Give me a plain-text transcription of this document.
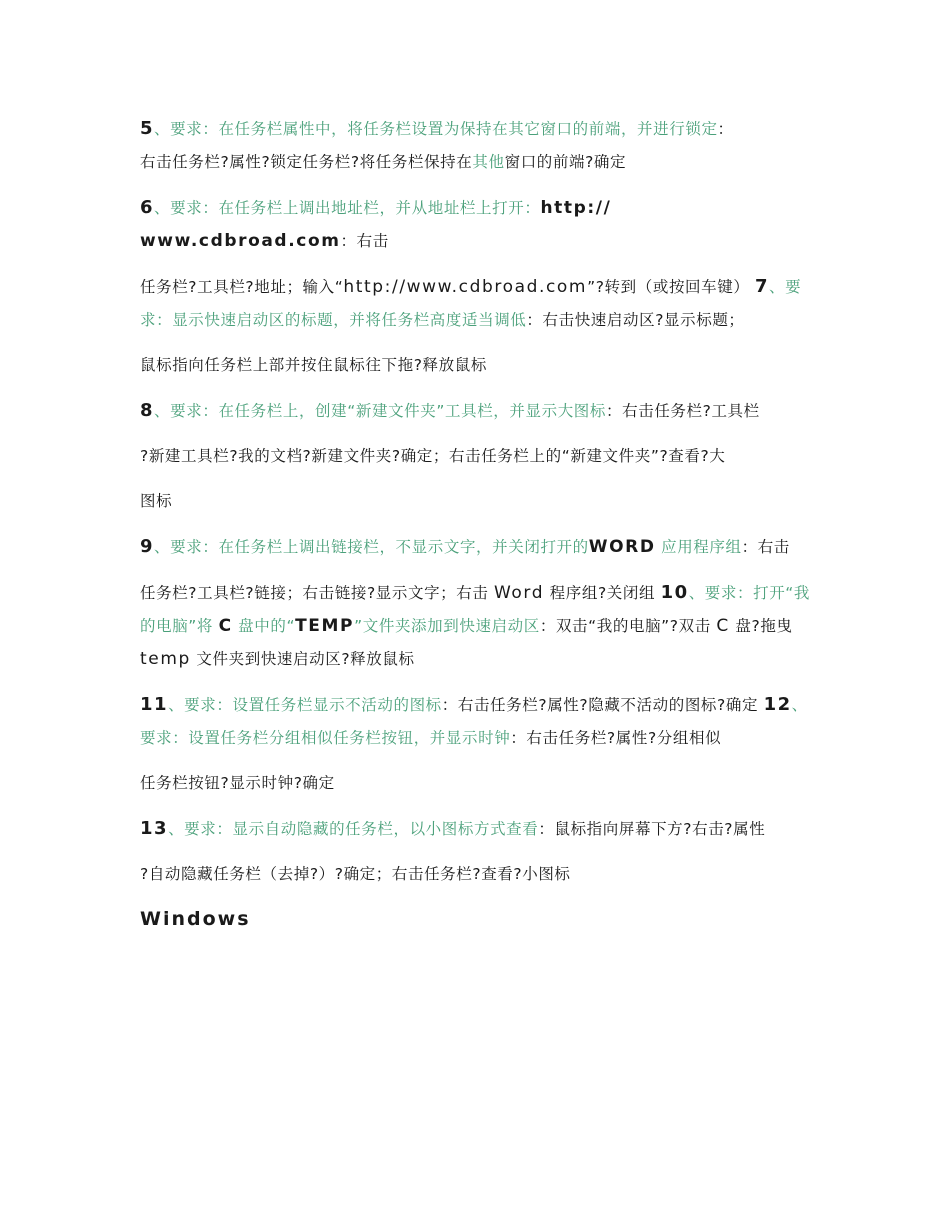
5、要求：在任务栏属性中，将任务栏设置为保持在其它窗口的前端，并进行锁定：

右击任务栏?属性?锁定任务栏?将任务栏保持在其他窗口的前端?确定

6、要求：在任务栏上调出地址栏，并从地址栏上打开：http://
www.cdbroad.com：右击

任务栏?工具栏?地址；输入“http://www.cdbroad.com”?转到（或按回车键） 7、要求：显示快速启动区的标题，并将任务栏高度适当调低：右击快速启动区?显示标题；

鼠标指向任务栏上部并按住鼠标往下拖?释放鼠标

8、要求：在任务栏上，创建“新建文件夹”工具栏，并显示大图标：右击任务栏?工具栏

?新建工具栏?我的文档?新建文件夹?确定；右击任务栏上的“新建文件夹”?查看?大

图标

9、要求：在任务栏上调出链接栏，不显示文字，并关闭打开的WORD 应用程序组：右击

任务栏?工具栏?链接；右击链接?显示文字；右击 Word 程序组?关闭组 10、要求：打开“我的电脑”将 C 盘中的“TEMP”文件夹添加到快速启动区：双击“我的电脑”?双击 C 盘?拖曳 temp 文件夹到快速启动区?释放鼠标

11、要求：设置任务栏显示不活动的图标：右击任务栏?属性?隐藏不活动的图标?确定 12、要求：设置任务栏分组相似任务栏按钮，并显示时钟：右击任务栏?属性?分组相似

任务栏按钮?显示时钟?确定

13、要求：显示自动隐藏的任务栏，以小图标方式查看：鼠标指向屏幕下方?右击?属性

?自动隐藏任务栏（去掉?）?确定；右击任务栏?查看?小图标

Windows
